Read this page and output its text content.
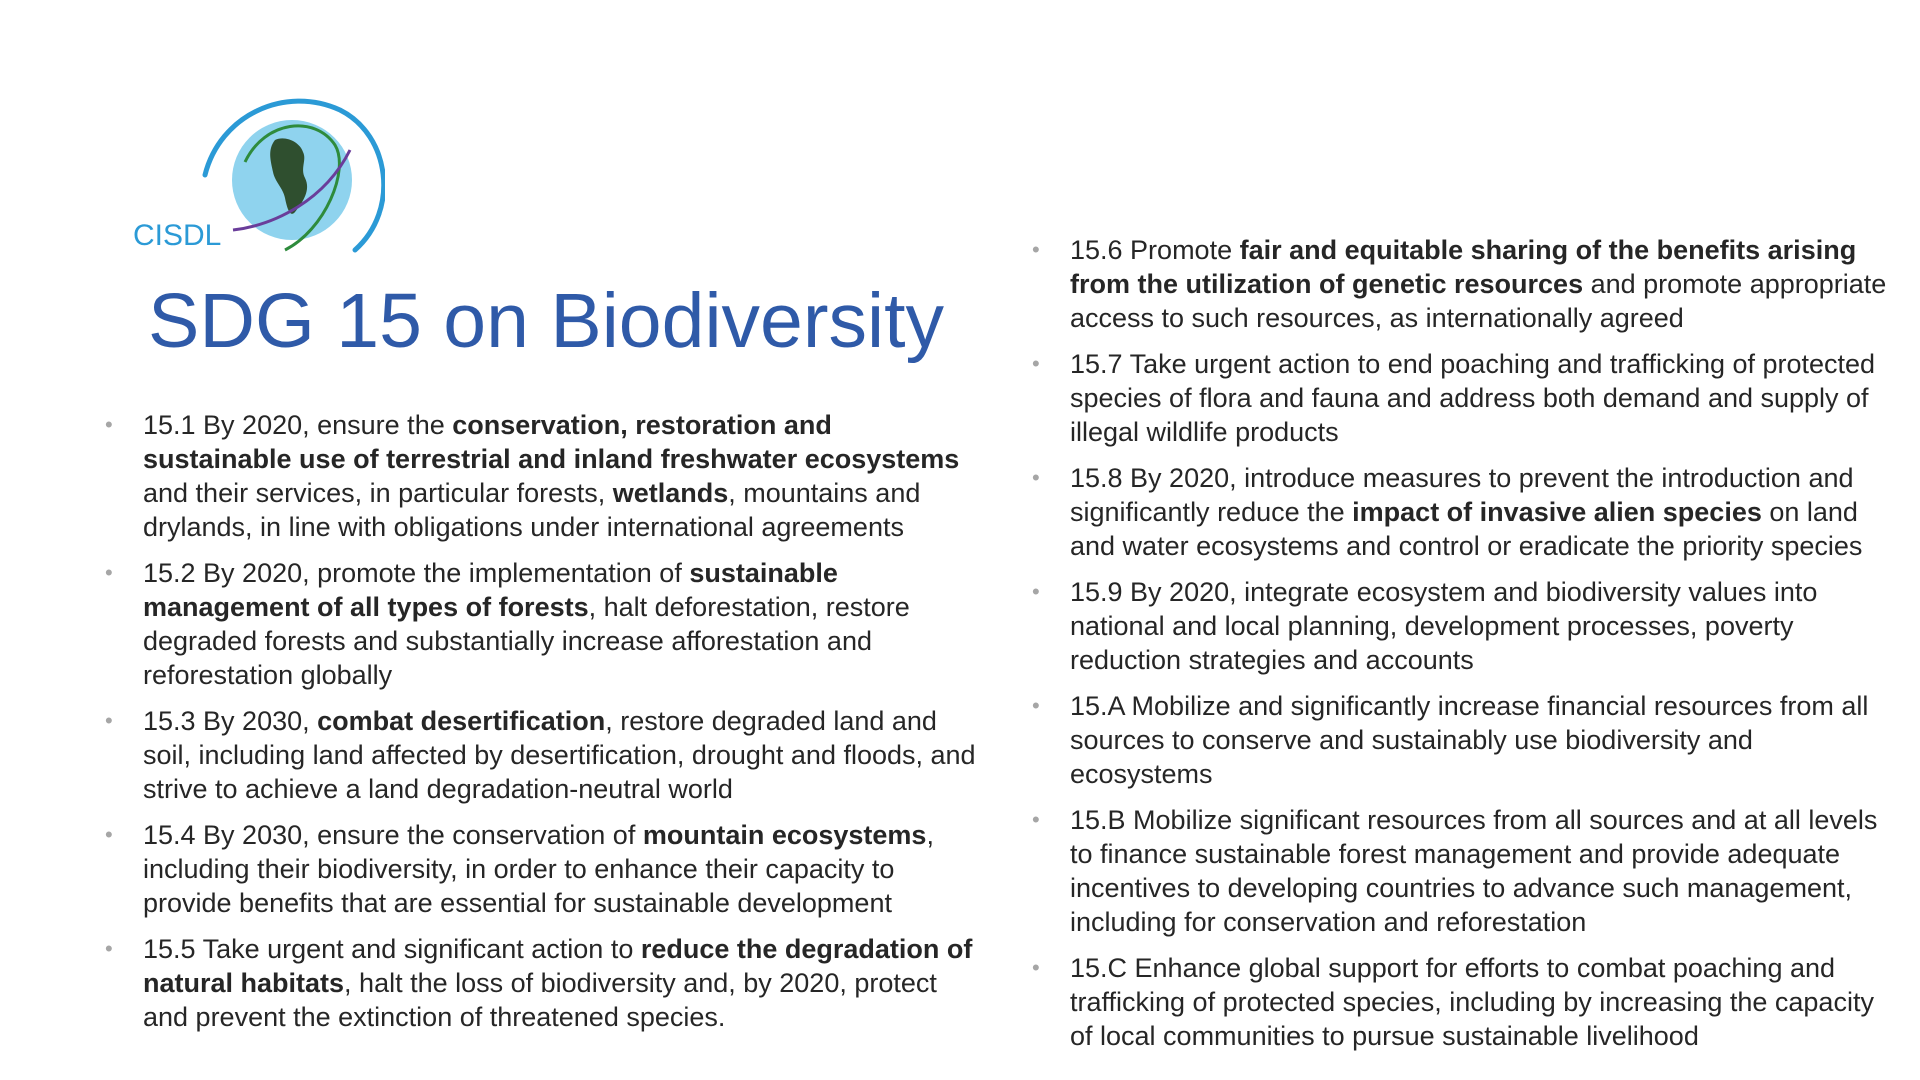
CISDL
SDG 15 on Biodiversity
• 15.1 By 2020, ensure the conservation, restoration and sustainable use of terrestrial and inland freshwater ecosystems and their services, in particular forests, wetlands, mountains and drylands, in line with obligations under international agreements
• 15.2 By 2020, promote the implementation of sustainable management of all types of forests, halt deforestation, restore degraded forests and substantially increase afforestation and reforestation globally
• 15.3 By 2030, combat desertification, restore degraded land and soil, including land affected by desertification, drought and floods, and strive to achieve a land degradation-neutral world
• 15.4 By 2030, ensure the conservation of mountain ecosystems, including their biodiversity, in order to enhance their capacity to provide benefits that are essential for sustainable development
• 15.5 Take urgent and significant action to reduce the degradation of natural habitats, halt the loss of biodiversity and, by 2020, protect and prevent the extinction of threatened species.
• 15.6 Promote fair and equitable sharing of the benefits arising from the utilization of genetic resources and promote appropriate access to such resources, as internationally agreed
• 15.7 Take urgent action to end poaching and trafficking of protected species of flora and fauna and address both demand and supply of illegal wildlife products
• 15.8 By 2020, introduce measures to prevent the introduction and significantly reduce the impact of invasive alien species on land and water ecosystems and control or eradicate the priority species
• 15.9 By 2020, integrate ecosystem and biodiversity values into national and local planning, development processes, poverty reduction strategies and accounts
• 15.A Mobilize and significantly increase financial resources from all sources to conserve and sustainably use biodiversity and ecosystems
• 15.B Mobilize significant resources from all sources and at all levels to finance sustainable forest management and provide adequate incentives to developing countries to advance such management, including for conservation and reforestation
• 15.C Enhance global support for efforts to combat poaching and trafficking of protected species, including by increasing the capacity of local communities to pursue sustainable livelihood
